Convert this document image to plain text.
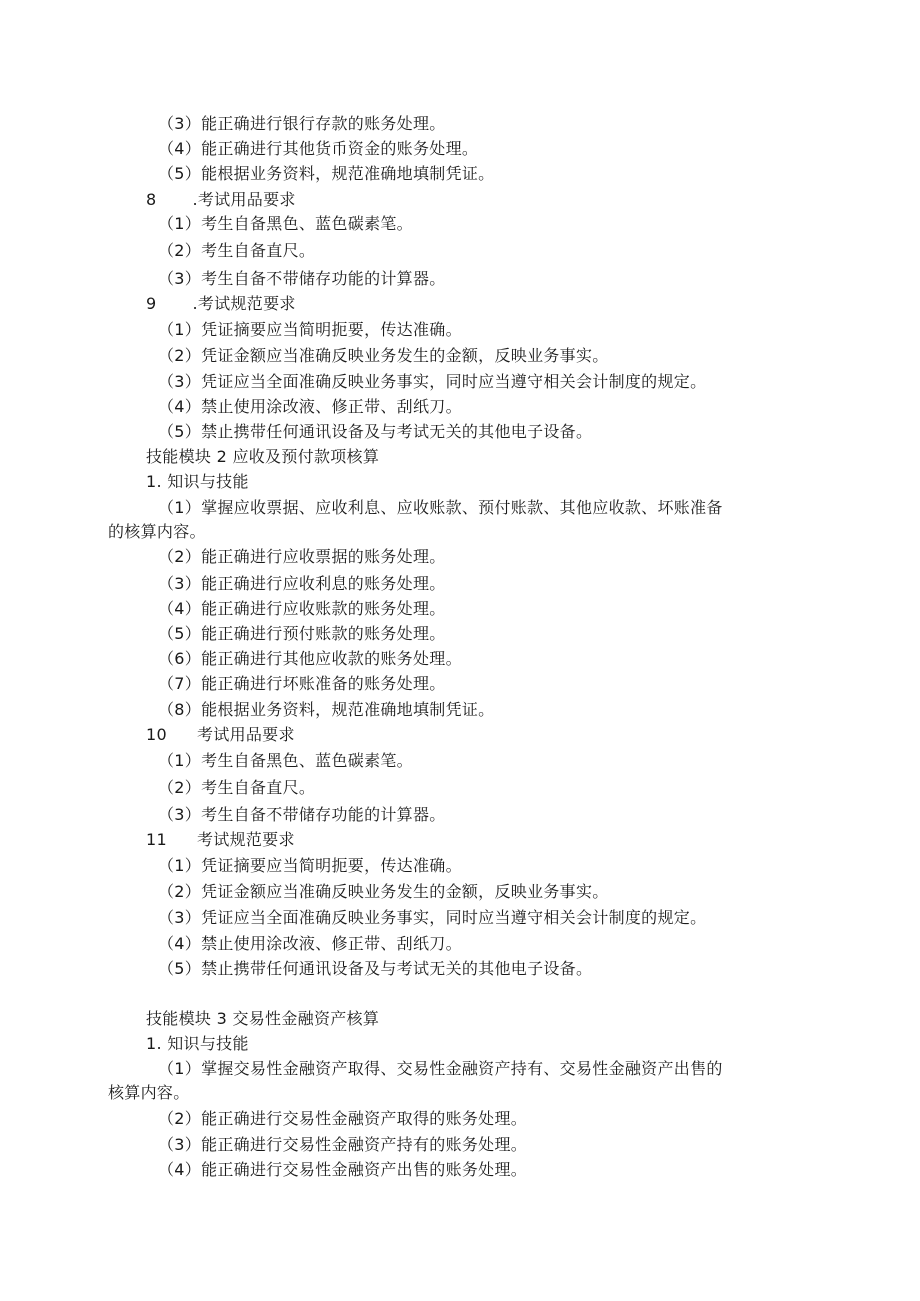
（3）能正确进行银行存款的账务处理。
（4）能正确进行其他货币资金的账务处理。
（5）能根据业务资料，规范准确地填制凭证。
8 .考试用品要求
（1）考生自备黑色、蓝色碳素笔。
（2）考生自备直尺。
（3）考生自备不带储存功能的计算器。
9 .考试规范要求
（1）凭证摘要应当简明扼要，传达准确。
（2）凭证金额应当准确反映业务发生的金额，反映业务事实。
（3）凭证应当全面准确反映业务事实，同时应当遵守相关会计制度的规定。
（4）禁止使用涂改液、修正带、刮纸刀。
（5）禁止携带任何通讯设备及与考试无关的其他电子设备。
技能模块 2 应收及预付款项核算
1. 知识与技能
（1）掌握应收票据、应收利息、应收账款、预付账款、其他应收款、坏账准备
的核算内容。
（2）能正确进行应收票据的账务处理。
（3）能正确进行应收利息的账务处理。
（4）能正确进行应收账款的账务处理。
（5）能正确进行预付账款的账务处理。
（6）能正确进行其他应收款的账务处理。
（7）能正确进行坏账准备的账务处理。
（8）能根据业务资料，规范准确地填制凭证。
10 考试用品要求
（1）考生自备黑色、蓝色碳素笔。
（2）考生自备直尺。
（3）考生自备不带储存功能的计算器。
11 考试规范要求
（1）凭证摘要应当简明扼要，传达准确。
（2）凭证金额应当准确反映业务发生的金额，反映业务事实。
（3）凭证应当全面准确反映业务事实，同时应当遵守相关会计制度的规定。
（4）禁止使用涂改液、修正带、刮纸刀。
（5）禁止携带任何通讯设备及与考试无关的其他电子设备。
技能模块 3 交易性金融资产核算
1. 知识与技能
（1）掌握交易性金融资产取得、交易性金融资产持有、交易性金融资产出售的
核算内容。
（2）能正确进行交易性金融资产取得的账务处理。
（3）能正确进行交易性金融资产持有的账务处理。
（4）能正确进行交易性金融资产出售的账务处理。
